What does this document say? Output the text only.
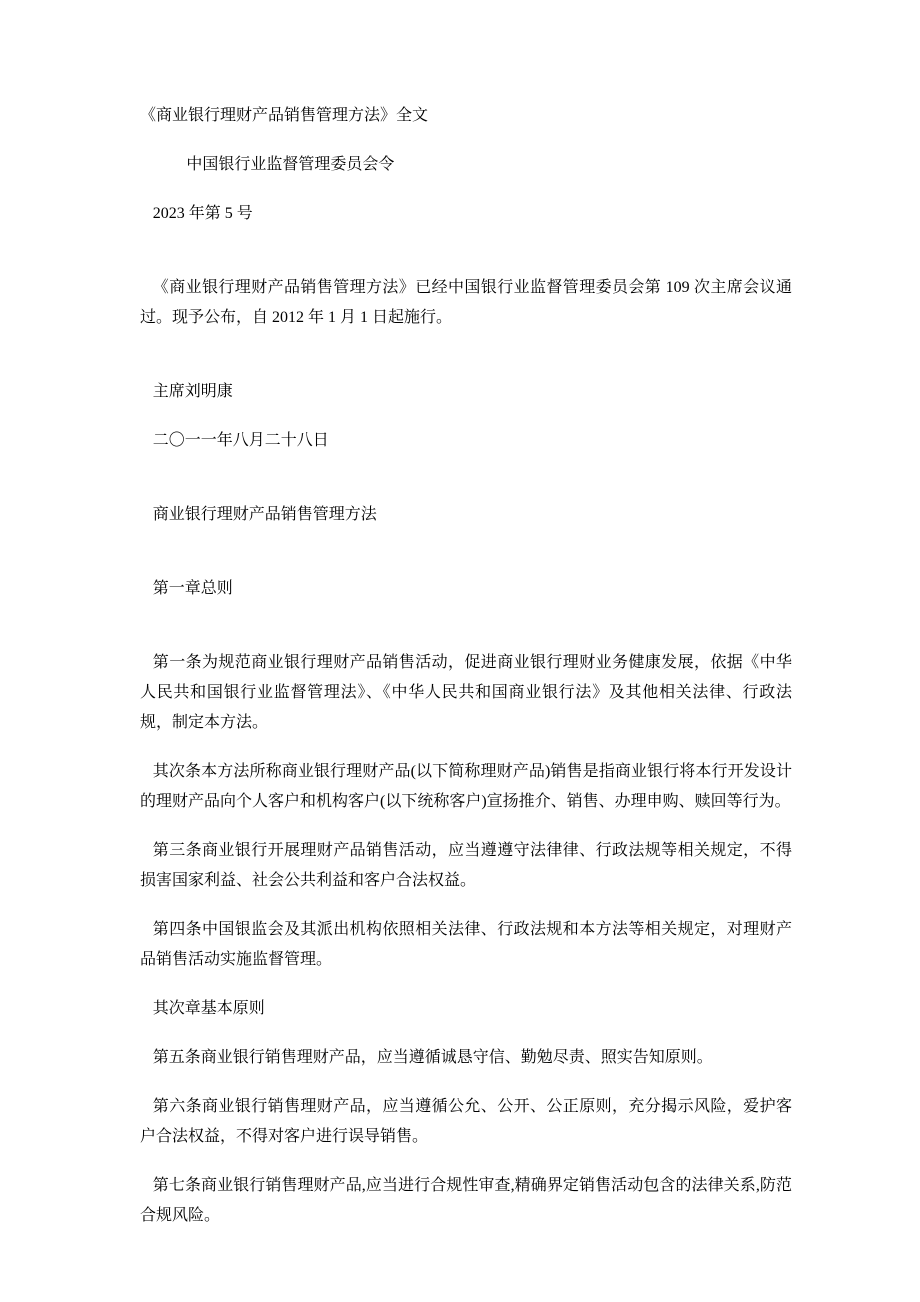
《商业银行理财产品销售管理方法》全文
中国银行业监督管理委员会令
2023 年第 5 号
《商业银行理财产品销售管理方法》已经中国银行业监督管理委员会第 109 次主席会议通过。现予公布，自 2012 年 1 月 1 日起施行。
主席刘明康
二〇一一年八月二十八日
商业银行理财产品销售管理方法
第一章总则
第一条为规范商业银行理财产品销售活动，促进商业银行理财业务健康发展，依据《中华人民共和国银行业监督管理法》、《中华人民共和国商业银行法》及其他相关法律、行政法规，制定本方法。
其次条本方法所称商业银行理财产品(以下简称理财产品)销售是指商业银行将本行开发设计的理财产品向个人客户和机构客户(以下统称客户)宣扬推介、销售、办理申购、赎回等行为。
第三条商业银行开展理财产品销售活动，应当遵遵守法律律、行政法规等相关规定，不得损害国家利益、社会公共利益和客户合法权益。
第四条中国银监会及其派出机构依照相关法律、行政法规和本方法等相关规定，对理财产品销售活动实施监督管理。
其次章基本原则
第五条商业银行销售理财产品，应当遵循诚恳守信、勤勉尽责、照实告知原则。
第六条商业银行销售理财产品，应当遵循公允、公开、公正原则，充分揭示风险，爱护客户合法权益，不得对客户进行误导销售。
第七条商业银行销售理财产品,应当进行合规性审查,精确界定销售活动包含的法律关系,防范合规风险。
